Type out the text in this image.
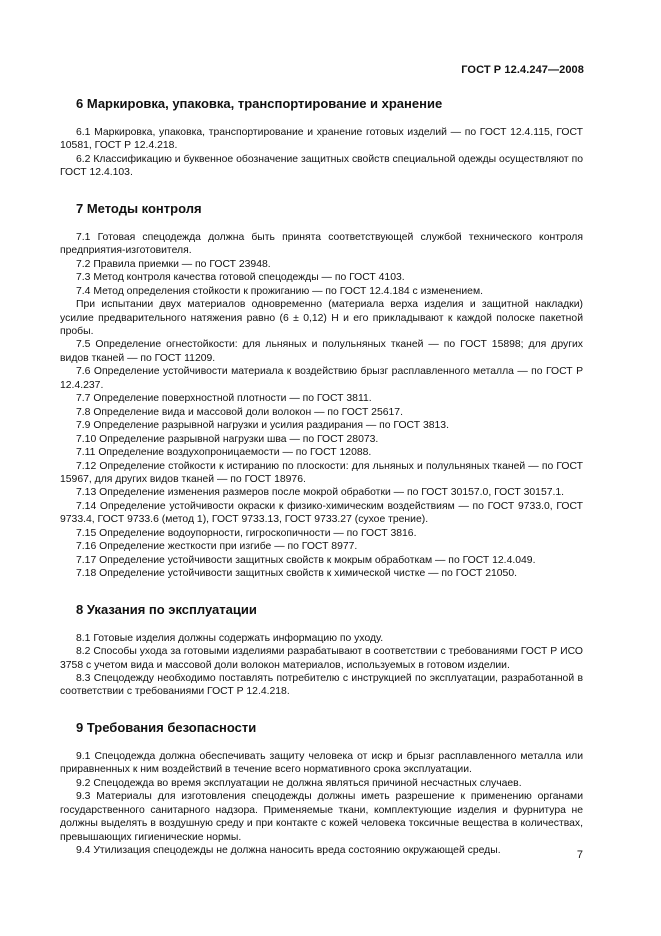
ГОСТ Р 12.4.247—2008
6 Маркировка, упаковка, транспортирование и хранение

6.1 Маркировка, упаковка, транспортирование и хранение готовых изделий — по ГОСТ 12.4.115, ГОСТ 10581, ГОСТ Р 12.4.218.

6.2 Классификацию и буквенное обозначение защитных свойств специальной одежды осуществляют по ГОСТ 12.4.103.

7 Методы контроля

7.1 Готовая спецодежда должна быть принята соответствующей службой технического контроля предприятия-изготовителя.

7.2 Правила приемки — по ГОСТ 23948.

7.3 Метод контроля качества готовой спецодежды — по ГОСТ 4103.

7.4 Метод определения стойкости к прожиганию — по ГОСТ 12.4.184 с изменением.

При испытании двух материалов одновременно (материала верха изделия и защитной накладки) усилие предварительного натяжения равно (6 ± 0,12) Н и его прикладывают к каждой полоске пакетной пробы.

7.5 Определение огнестойкости: для льняных и полульняных тканей — по ГОСТ 15898; для других видов тканей — по ГОСТ 11209.

7.6 Определение устойчивости материала к воздействию брызг расплавленного металла — по ГОСТ Р 12.4.237.

7.7 Определение поверхностной плотности — по ГОСТ 3811.

7.8 Определение вида и массовой доли волокон — по ГОСТ 25617.

7.9 Определение разрывной нагрузки и усилия раздирания — по ГОСТ 3813.

7.10 Определение разрывной нагрузки шва — по ГОСТ 28073.

7.11 Определение воздухопроницаемости — по ГОСТ 12088.

7.12 Определение стойкости к истиранию по плоскости: для льняных и полульняных тканей — по ГОСТ 15967, для других видов тканей — по ГОСТ 18976.

7.13 Определение изменения размеров после мокрой обработки — по ГОСТ 30157.0, ГОСТ 30157.1.

7.14 Определение устойчивости окраски к физико-химическим воздействиям — по ГОСТ 9733.0, ГОСТ 9733.4, ГОСТ 9733.6 (метод 1), ГОСТ 9733.13, ГОСТ 9733.27 (сухое трение).

7.15 Определение водоупорности, гигроскопичности — по ГОСТ 3816.

7.16 Определение жесткости при изгибе — по ГОСТ 8977.

7.17 Определение устойчивости защитных свойств к мокрым обработкам — по ГОСТ 12.4.049.

7.18 Определение устойчивости защитных свойств к химической чистке — по ГОСТ 21050.

8 Указания по эксплуатации

8.1 Готовые изделия должны содержать информацию по уходу.

8.2 Способы ухода за готовыми изделиями разрабатывают в соответствии с требованиями ГОСТ Р ИСО 3758 с учетом вида и массовой доли волокон материалов, используемых в готовом изделии.

8.3 Спецодежду необходимо поставлять потребителю с инструкцией по эксплуатации, разработанной в соответствии с требованиями ГОСТ Р 12.4.218.

9 Требования безопасности

9.1 Спецодежда должна обеспечивать защиту человека от искр и брызг расплавленного металла или приравненных к ним воздействий в течение всего нормативного срока эксплуатации.

9.2 Спецодежда во время эксплуатации не должна являться причиной несчастных случаев.

9.3 Материалы для изготовления спецодежды должны иметь разрешение к применению органами государственного санитарного надзора. Применяемые ткани, комплектующие изделия и фурнитура не должны выделять в воздушную среду и при контакте с кожей человека токсичные вещества в количествах, превышающих гигиенические нормы.

9.4 Утилизация спецодежды не должна наносить вреда состоянию окружающей среды.	7
